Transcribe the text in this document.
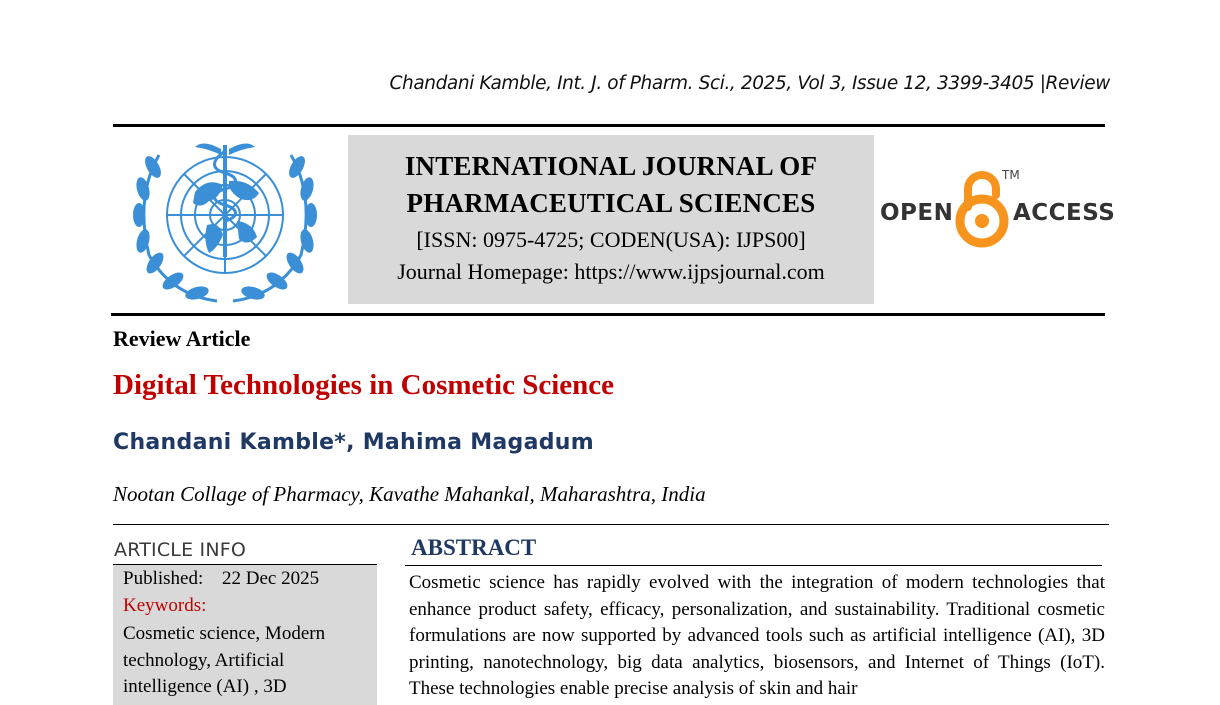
Chandani Kamble, Int. J. of Pharm. Sci., 2025, Vol 3, Issue 12, 3399-3405 |Review
INTERNATIONAL JOURNAL OF
PHARMACEUTICAL SCIENCES
[ISSN: 0975-4725; CODEN(USA): IJPS00]
Journal Homepage: https://www.ijpsjournal.com
OPEN
TM
ACCESS
Review Article
Digital Technologies in Cosmetic Science
Chandani Kamble*, Mahima Magadum
Nootan Collage of Pharmacy, Kavathe Mahankal, Maharashtra, India
ARTICLE INFO
Published: 22 Dec 2025
Keywords:
Cosmetic science, Modern technology, Artificial intelligence (AI) , 3D
ABSTRACT
Cosmetic science has rapidly evolved with the integration of modern technologies that enhance product safety, efficacy, personalization, and sustainability. Traditional cosmetic formulations are now supported by advanced tools such as artificial intelligence (AI), 3D printing, nanotechnology, big data analytics, biosensors, and Internet of Things (IoT). These technologies enable precise analysis of skin and hair
